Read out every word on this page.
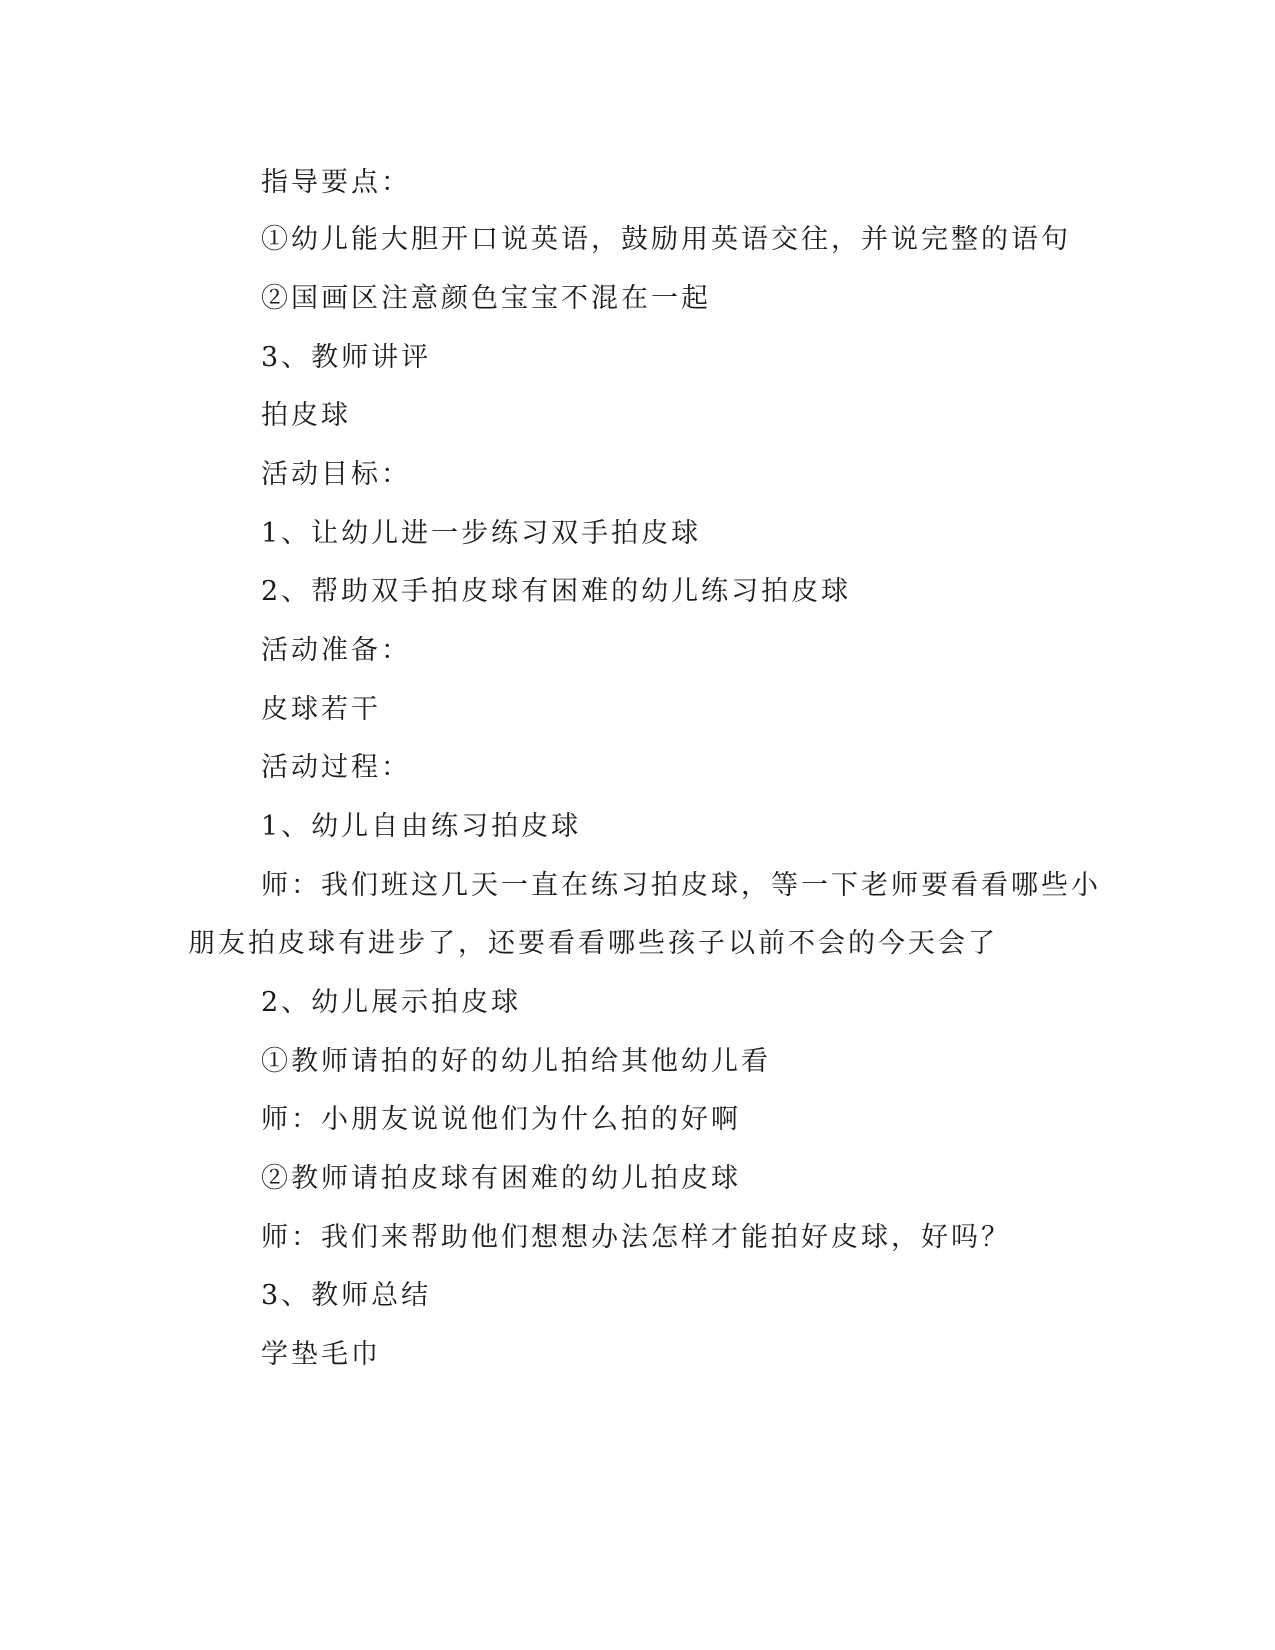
指导要点：
①幼儿能大胆开口说英语，鼓励用英语交往，并说完整的语句
②国画区注意颜色宝宝不混在一起
3、教师讲评
拍皮球
活动目标：
1、让幼儿进一步练习双手拍皮球
2、帮助双手拍皮球有困难的幼儿练习拍皮球
活动准备：
皮球若干
活动过程：
1、幼儿自由练习拍皮球
师：我们班这几天一直在练习拍皮球，等一下老师要看看哪些小
朋友拍皮球有进步了，还要看看哪些孩子以前不会的今天会了
2、幼儿展示拍皮球
①教师请拍的好的幼儿拍给其他幼儿看
师：小朋友说说他们为什么拍的好啊
②教师请拍皮球有困难的幼儿拍皮球
师：我们来帮助他们想想办法怎样才能拍好皮球，好吗？
3、教师总结
学垫毛巾
